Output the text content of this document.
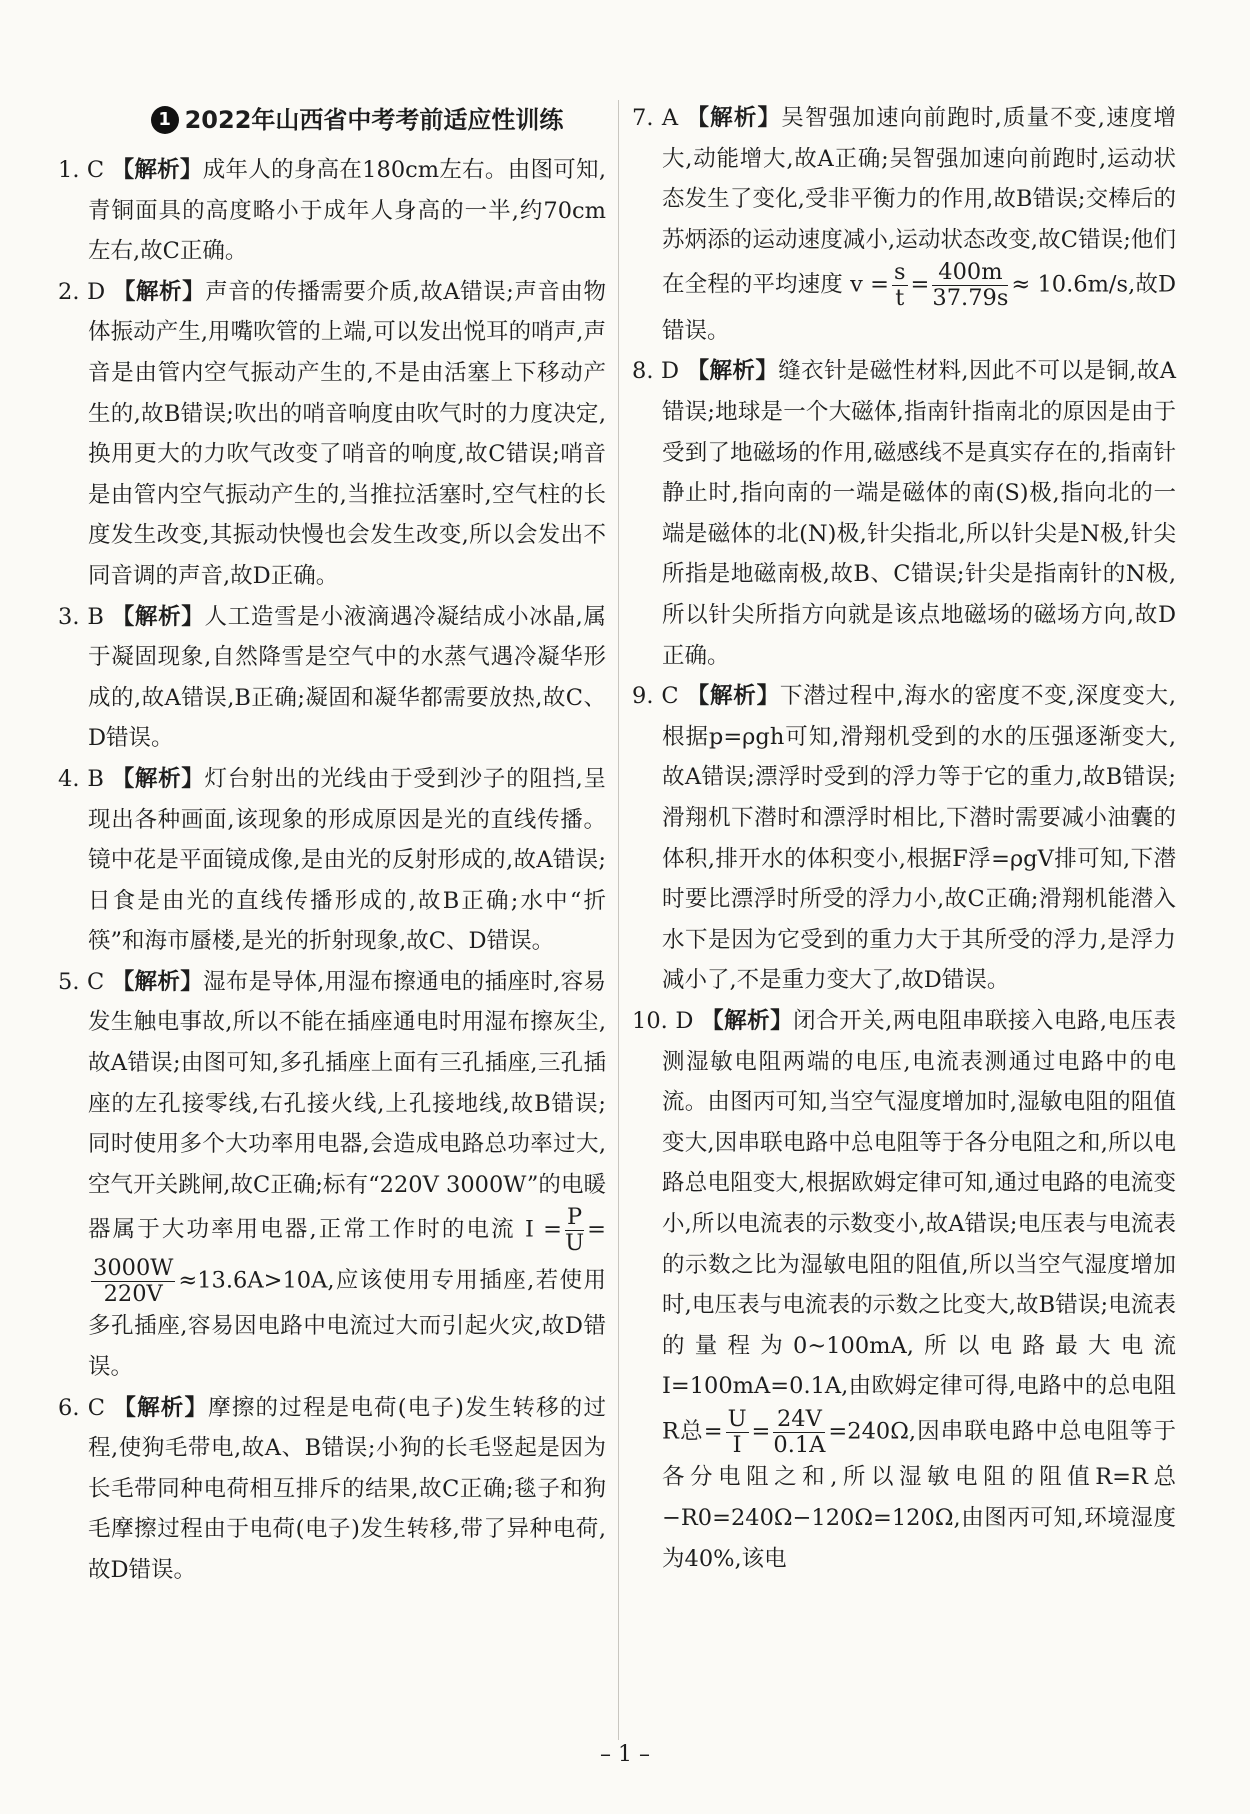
1 2022年山西省中考考前适应性训练
1. C 【解析】成年人的身高在180cm左右。由图可知,青铜面具的高度略小于成年人身高的一半,约70cm左右,故C正确。
2. D 【解析】声音的传播需要介质,故A错误;声音由物体振动产生,用嘴吹管的上端,可以发出悦耳的哨声,声音是由管内空气振动产生的,不是由活塞上下移动产生的,故B错误;吹出的哨音响度由吹气时的力度决定,换用更大的力吹气改变了哨音的响度,故C错误;哨音是由管内空气振动产生的,当推拉活塞时,空气柱的长度发生改变,其振动快慢也会发生改变,所以会发出不同音调的声音,故D正确。
3. B 【解析】人工造雪是小液滴遇冷凝结成小冰晶,属于凝固现象,自然降雪是空气中的水蒸气遇冷凝华形成的,故A错误,B正确;凝固和凝华都需要放热,故C、D错误。
4. B 【解析】灯台射出的光线由于受到沙子的阻挡,呈现出各种画面,该现象的形成原因是光的直线传播。镜中花是平面镜成像,是由光的反射形成的,故A错误;日食是由光的直线传播形成的,故B正确;水中“折筷”和海市蜃楼,是光的折射现象,故C、D错误。
5. C 【解析】湿布是导体,用湿布擦通电的插座时,容易发生触电事故,所以不能在插座通电时用湿布擦灰尘,故A错误;由图可知,多孔插座上面有三孔插座,三孔插座的左孔接零线,右孔接火线,上孔接地线,故B错误;同时使用多个大功率用电器,会造成电路总功率过大,空气开关跳闸,故C正确;标有“220V 3000W”的电暖器属于大功率用电器,正常工作时的电流 $I = \frac{P}{U}$ =
$\frac{3000W}{220V} \approx 13.6A>10A$,应该使用专用插座,若使用多孔插座,容易因电路中电流过大而引起火灾,故D错误。
6. C 【解析】摩擦的过程是电荷(电子)发生转移的过程,使狗毛带电,故A、B错误;小狗的长毛竖起是因为长毛带同种电荷相互排斥的结果,故C正确;毯子和狗毛摩擦过程由于电荷(电子)发生转移,带了异种电荷,故D错误。
7. A 【解析】吴智强加速向前跑时,质量不变,速度增大,动能增大,故A正确;吴智强加速向前跑时,运动状态发生了变化,受非平衡力的作用,故B错误;交棒后的苏炳添的运动速度减小,运动状态改变,故C错误;他们在全程的平均速度 $v = \frac{s}{t} = \frac{400m}{37.79s} \approx 10.6m/s$,故D错误。
8. D 【解析】缝衣针是磁性材料,因此不可以是铜,故A错误;地球是一个大磁体,指南针指南北的原因是由于受到了地磁场的作用,磁感线不是真实存在的,指南针静止时,指向南的一端是磁体的南(S)极,指向北的一端是磁体的北(N)极,针尖指北,所以针尖是N极,针尖所指是地磁南极,故B、C错误;针尖是指南针的N极,所以针尖所指方向就是该点地磁场的磁场方向,故D正确。
9. C 【解析】下潜过程中,海水的密度不变,深度变大,根据p=ρgh可知,滑翔机受到的水的压强逐渐变大,故A错误;漂浮时受到的浮力等于它的重力,故B错误;滑翔机下潜时和漂浮时相比,下潜时需要减小油囊的体积,排开水的体积变小,根据F浮=ρgV排可知,下潜时要比漂浮时所受的浮力小,故C正确;滑翔机能潜入水下是因为它受到的重力大于其所受的浮力,是浮力减小了,不是重力变大了,故D错误。
10. D 【解析】闭合开关,两电阻串联接入电路,电压表测湿敏电阻两端的电压,电流表测通过电路中的电流。由图丙可知,当空气湿度增加时,湿敏电阻的阻值变大,因串联电路中总电阻等于各分电阻之和,所以电路总电阻变大,根据欧姆定律可知,通过电路的电流变小,所以电流表的示数变小,故A错误;电压表与电流表的示数之比为湿敏电阻的阻值,所以当空气湿度增加时,电压表与电流表的示数之比变大,故B错误;电流表的量程为0~100mA,所以电路最大电流I=100mA=0.1A,由欧姆定律可得,电路中的总电阻 R总= $\frac{U}{I} = \frac{24V}{0.1A} =240\Omega$,因串联电路中总电阻等于各分电阻之和,所以湿敏电阻的阻值R=R总−R0=240Ω−120Ω=120Ω,由图丙可知,环境湿度为40%,该电
– 1 –
